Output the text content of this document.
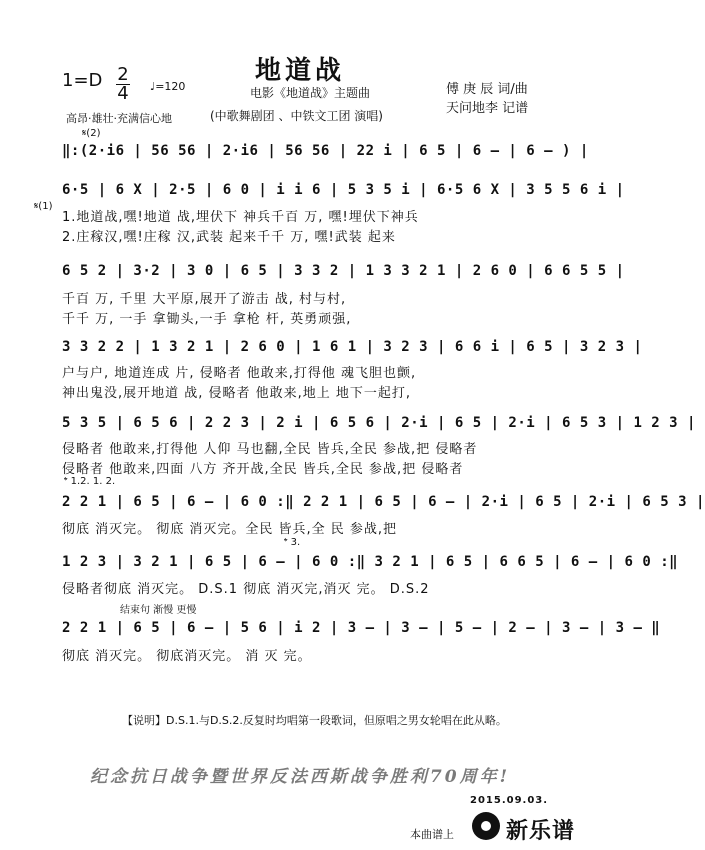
地道战
电影《地道战》主题曲
1=D 2
4 ♩=120	傅 庚 辰 词/曲
天问地李 记谱
高昂·雄壮·充满信心地	(中歌舞剧团 、中铁文工团 演唱)
𝄋(2)
‖:(2·i6 | 56 56 | 2·i6 | 56 56 | 22 i | 6 5 | 6 – | 6 – ) |
6·5 | 6 X | 2·5 | 6 0 | i i 6 | 5 3 5 i | 6·5 6 X | 3 5 5 6 i |
𝄋(1)
1.地道战,嘿!地道 战,埋伏下 神兵千百 万, 嘿!埋伏下神兵
2.庄稼汉,嘿!庄稼 汉,武装 起来千千 万, 嘿!武装 起来
6 5 2 | 3·2 | 3 0 | 6 5 | 3 3 2 | 1 3 3 2 1 | 2 6 0 | 6 6 5 5 |
千百 万, 千里 大平原,展开了游击 战, 村与村,
千千 万, 一手 拿锄头,一手 拿枪 杆, 英勇顽强,
3 3 2 2 | 1 3 2 1 | 2 6 0 | 1 6 1 | 3 2 3 | 6 6 i | 6 5 | 3 2 3 |
户与户, 地道连成 片, 侵略者 他敢来,打得他 魂飞胆也颤,
神出鬼没,展开地道 战, 侵略者 他敢来,地上 地下一起打,
5 3 5 | 6 5 6 | 2 2 3 | 2 i | 6 5 6 | 2·i | 6 5 | 2·i | 6 5 3 | 1 2 3 |
侵略者 他敢来,打得他 人仰 马也翻,全民 皆兵,全民 参战,把 侵略者
侵略者 他敢来,四面 八方 齐开战,全民 皆兵,全民 参战,把 侵略者
𝄌 1.2. 1. 2.
2 2 1 | 6 5 | 6 – | 6 0 :‖ 2 2 1 | 6 5 | 6 – | 2·i | 6 5 | 2·i | 6 5 3 |
彻底 消灭完。 彻底 消灭完。全民 皆兵,全 民 参战,把
𝄌 3.
1 2 3 | 3 2 1 | 6 5 | 6 – | 6 0 :‖ 3 2 1 | 6 5 | 6 6 5 | 6 – | 6 0 :‖
侵略者彻底 消灭完。 D.S.1 彻底 消灭完,消灭 完。 D.S.2
结束句 渐慢 更慢
2 2 1 | 6 5 | 6 – | 5 6 | i 2 | 3 – | 3 – | 5 – | 2 – | 3 – | 3 – ‖
彻底 消灭完。 彻底消灭完。 消 灭 完。
【说明】D.S.1.与D.S.2.反复时均唱第一段歌词，但原唱之男女轮唱在此从略。
纪念抗日战争暨世界反法西斯战争胜利70周年!
2015.09.03.
本曲谱上 新乐谱
